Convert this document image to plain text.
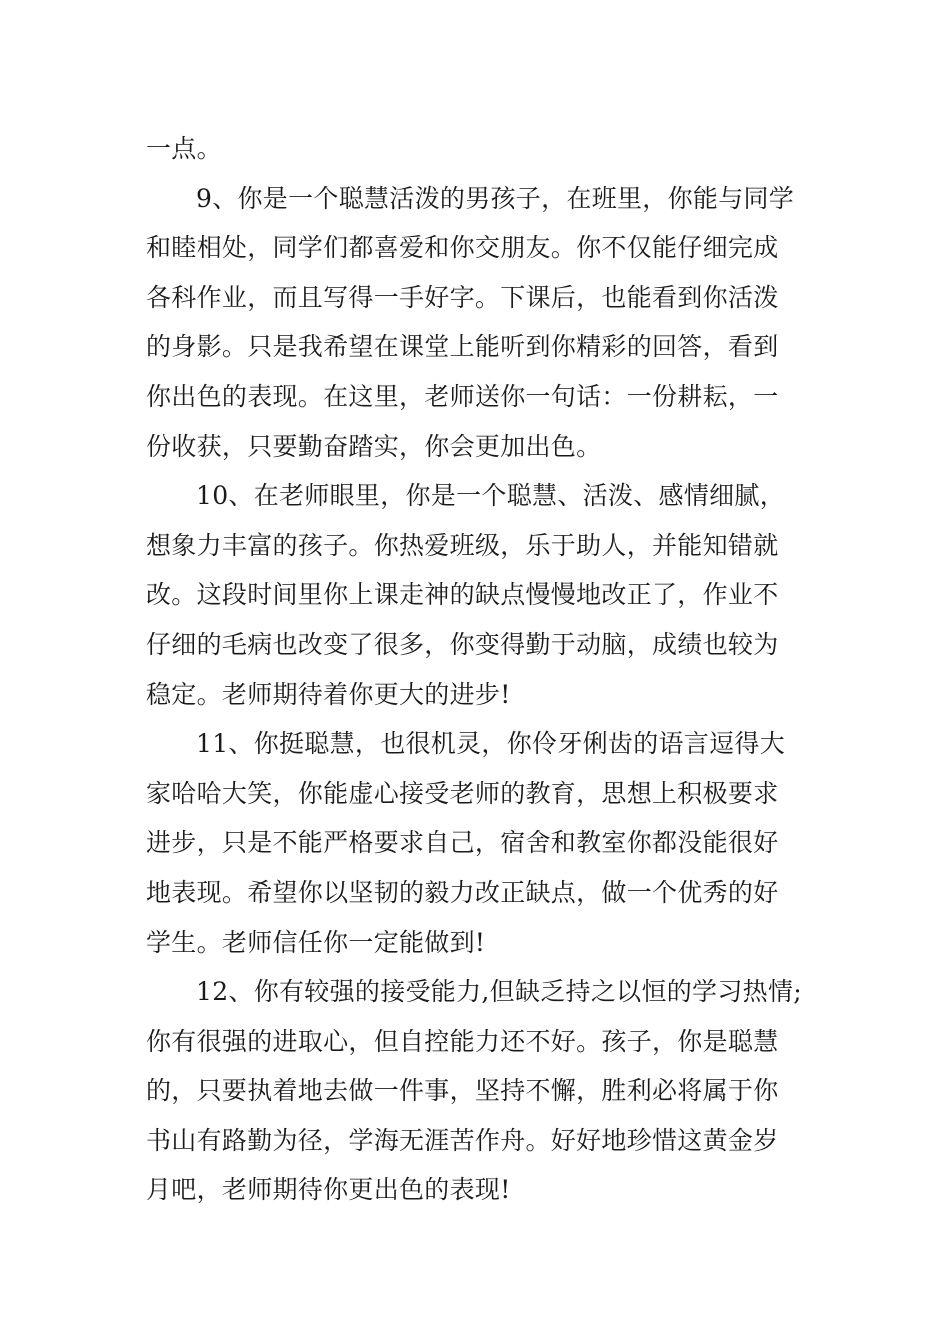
一点。
9、你是一个聪慧活泼的男孩子，在班里，你能与同学
和睦相处，同学们都喜爱和你交朋友。你不仅能仔细完成
各科作业，而且写得一手好字。下课后，也能看到你活泼
的身影。只是我希望在课堂上能听到你精彩的回答，看到
你出色的表现。在这里，老师送你一句话：一份耕耘，一
份收获，只要勤奋踏实，你会更加出色。
10、在老师眼里，你是一个聪慧、活泼、感情细腻，
想象力丰富的孩子。你热爱班级，乐于助人，并能知错就
改。这段时间里你上课走神的缺点慢慢地改正了，作业不
仔细的毛病也改变了很多，你变得勤于动脑，成绩也较为
稳定。老师期待着你更大的进步!
11、你挺聪慧，也很机灵，你伶牙俐齿的语言逗得大
家哈哈大笑，你能虚心接受老师的教育，思想上积极要求
进步，只是不能严格要求自己，宿舍和教室你都没能很好
地表现。希望你以坚韧的毅力改正缺点，做一个优秀的好
学生。老师信任你一定能做到!
12、你有较强的接受能力,但缺乏持之以恒的学习热情;
你有很强的进取心，但自控能力还不好。孩子，你是聪慧
的，只要执着地去做一件事，坚持不懈，胜利必将属于你
书山有路勤为径，学海无涯苦作舟。好好地珍惜这黄金岁
月吧，老师期待你更出色的表现!
